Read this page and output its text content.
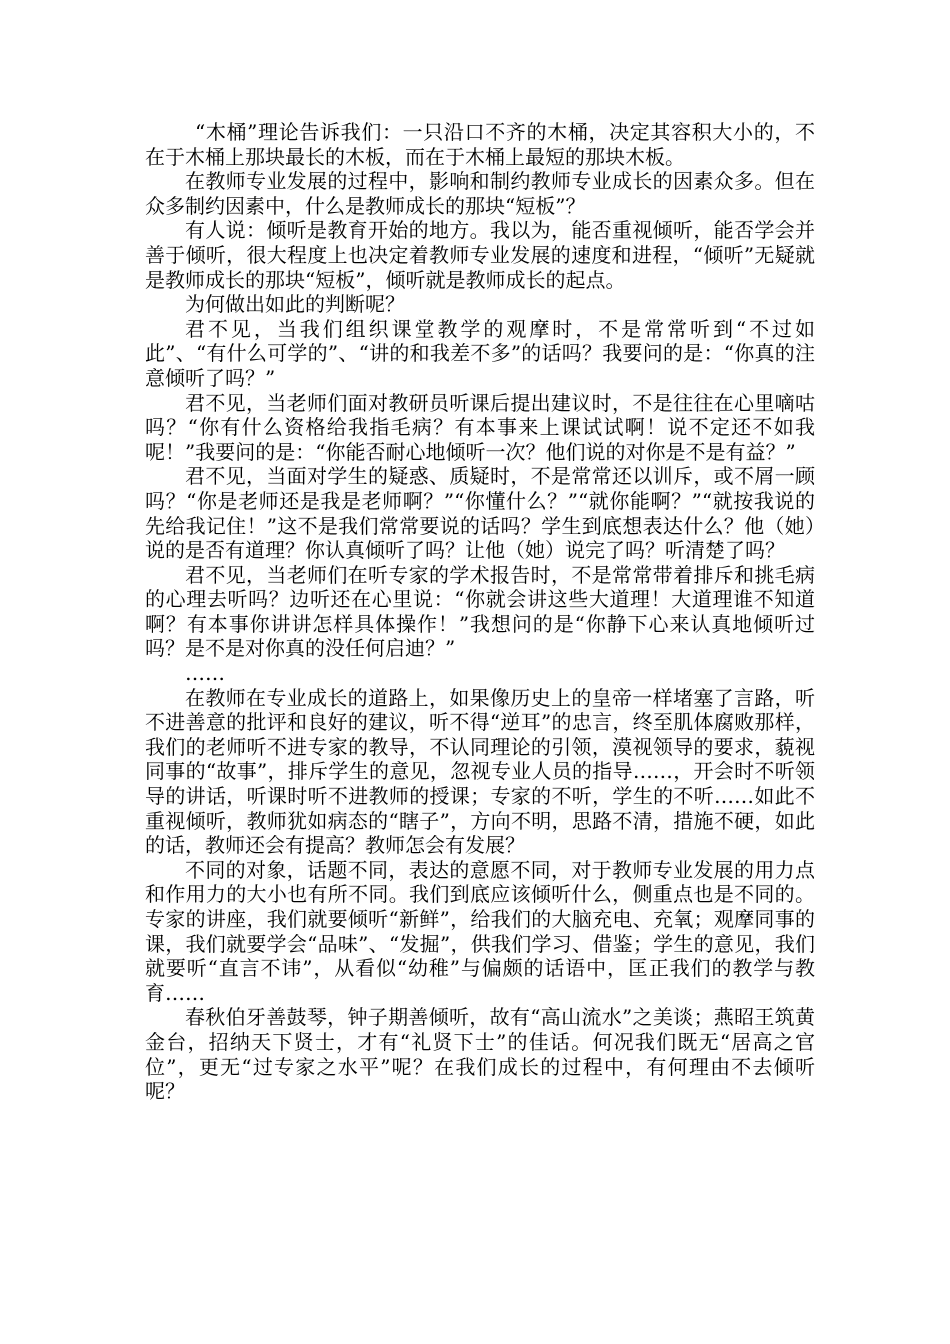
“木桶”理论告诉我们：一只沿口不齐的木桶，决定其容积大小的，不在于木桶上那块最长的木板，而在于木桶上最短的那块木板。

在教师专业发展的过程中，影响和制约教师专业成长的因素众多。但在众多制约因素中，什么是教师成长的那块“短板”？

有人说：倾听是教育开始的地方。我以为，能否重视倾听，能否学会并善于倾听，很大程度上也决定着教师专业发展的速度和进程，“倾听”无疑就是教师成长的那块“短板”，倾听就是教师成长的起点。

为何做出如此的判断呢？

君不见，当我们组织课堂教学的观摩时，不是常常听到“不过如此”、“有什么可学的”、“讲的和我差不多”的话吗？我要问的是：“你真的注意倾听了吗？”

君不见，当老师们面对教研员听课后提出建议时，不是往往在心里嘀咕吗？“你有什么资格给我指毛病？有本事来上课试试啊！说不定还不如我呢！”我要问的是：“你能否耐心地倾听一次？他们说的对你是不是有益？”

君不见，当面对学生的疑惑、质疑时，不是常常还以训斥，或不屑一顾吗？“你是老师还是我是老师啊？”“你懂什么？”“就你能啊？”“就按我说的先给我记住！”这不是我们常常要说的话吗？学生到底想表达什么？他（她）说的是否有道理？你认真倾听了吗？让他（她）说完了吗？听清楚了吗？

君不见，当老师们在听专家的学术报告时，不是常常带着排斥和挑毛病的心理去听吗？边听还在心里说：“你就会讲这些大道理！大道理谁不知道啊？有本事你讲讲怎样具体操作！”我想问的是“你静下心来认真地倾听过吗？是不是对你真的没任何启迪？”

……

在教师在专业成长的道路上，如果像历史上的皇帝一样堵塞了言路，听不进善意的批评和良好的建议，听不得“逆耳”的忠言，终至肌体腐败那样，我们的老师听不进专家的教导，不认同理论的引领，漠视领导的要求，藐视同事的“故事”，排斥学生的意见，忽视专业人员的指导……，开会时不听领导的讲话，听课时听不进教师的授课；专家的不听，学生的不听……如此不重视倾听，教师犹如病态的“瞎子”，方向不明，思路不清，措施不硬，如此的话，教师还会有提高？教师怎会有发展？

不同的对象，话题不同，表达的意愿不同，对于教师专业发展的用力点和作用力的大小也有所不同。我们到底应该倾听什么，侧重点也是不同的。专家的讲座，我们就要倾听“新鲜”，给我们的大脑充电、充氧；观摩同事的课，我们就要学会“品味”、“发掘”，供我们学习、借鉴；学生的意见，我们就要听“直言不讳”，从看似“幼稚”与偏颇的话语中，匡正我们的教学与教育……

春秋伯牙善鼓琴，钟子期善倾听，故有“高山流水”之美谈；燕昭王筑黄金台，招纳天下贤士，才有“礼贤下士”的佳话。何况我们既无“居高之官位”，更无“过专家之水平”呢？在我们成长的过程中，有何理由不去倾听呢？
